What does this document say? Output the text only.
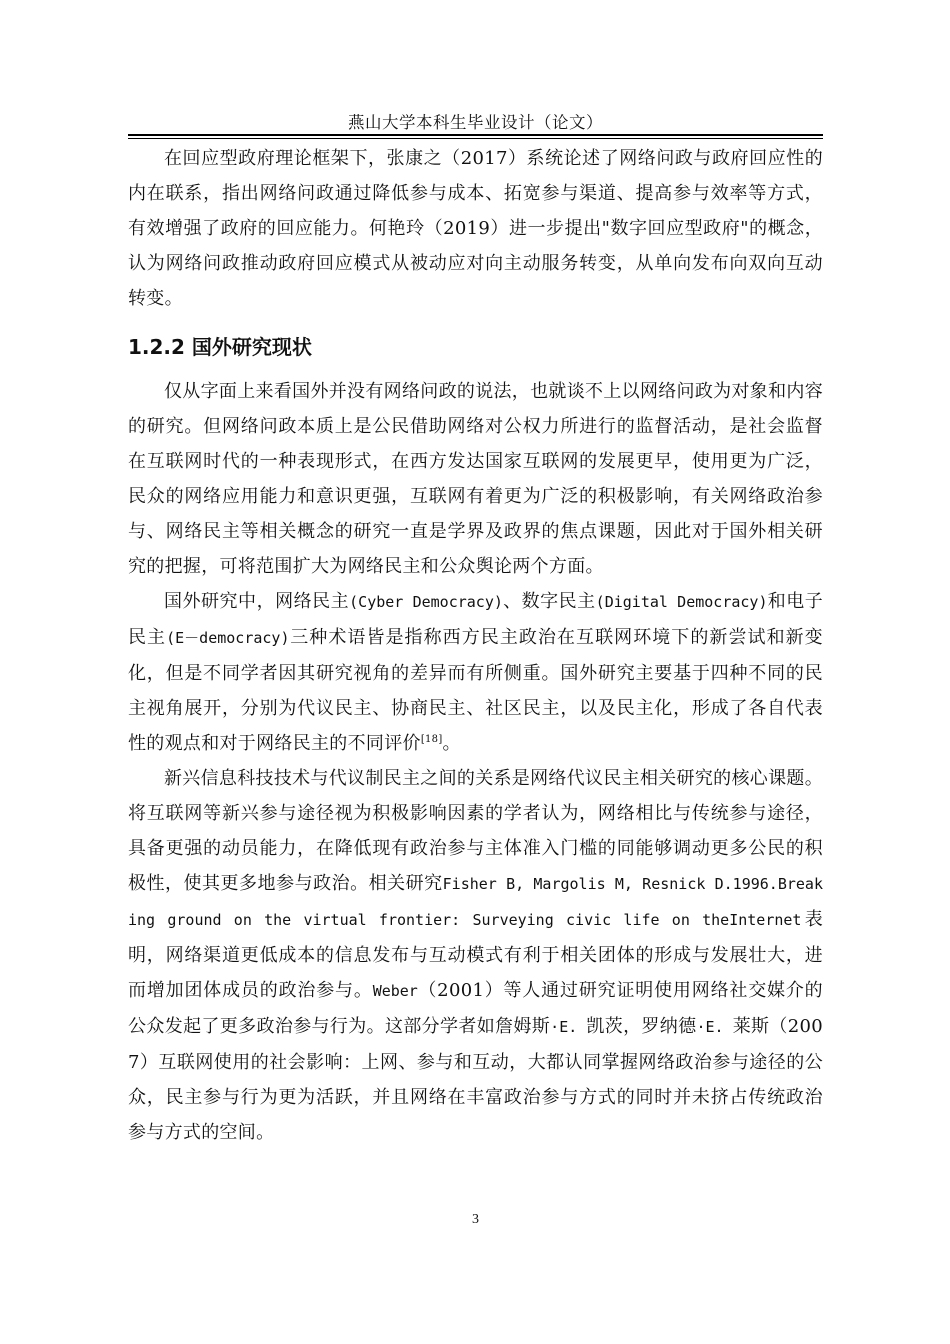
燕山大学本科生毕业设计（论文）

在回应型政府理论框架下，张康之（2017）系统论述了网络问政与政府回应性的内在联系，指出网络问政通过降低参与成本、拓宽参与渠道、提高参与效率等方式，有效增强了政府的回应能力。何艳玲（2019）进一步提出"数字回应型政府"的概念，认为网络问政推动政府回应模式从被动应对向主动服务转变，从单向发布向双向互动转变。

1.2.2 国外研究现状

仅从字面上来看国外并没有网络问政的说法，也就谈不上以网络问政为对象和内容的研究。但网络问政本质上是公民借助网络对公权力所进行的监督活动，是社会监督在互联网时代的一种表现形式，在西方发达国家互联网的发展更早，使用更为广泛，民众的网络应用能力和意识更强，互联网有着更为广泛的积极影响，有关网络政治参与、网络民主等相关概念的研究一直是学界及政界的焦点课题，因此对于国外相关研究的把握，可将范围扩大为网络民主和公众舆论两个方面。

国外研究中，网络民主(Cyber Democracy)、数字民主(Digital Democracy)和电子民主(E－democracy)三种术语皆是指称西方民主政治在互联网环境下的新尝试和新变化，但是不同学者因其研究视角的差异而有所侧重。国外研究主要基于四种不同的民主视角展开，分别为代议民主、协商民主、社区民主，以及民主化，形成了各自代表性的观点和对于网络民主的不同评价[18]。

新兴信息科技技术与代议制民主之间的关系是网络代议民主相关研究的核心课题。将互联网等新兴参与途径视为积极影响因素的学者认为，网络相比与传统参与途径，具备更强的动员能力，在降低现有政治参与主体准入门槛的同能够调动更多公民的积极性，使其更多地参与政治。相关研究Fisher B, Margolis M, Resnick D.1996.Breaking ground on the virtual frontier: Surveying civic life on theInternet表明，网络渠道更低成本的信息发布与互动模式有利于相关团体的形成与发展壮大，进而增加团体成员的政治参与。Weber（2001）等人通过研究证明使用网络社交媒介的公众发起了更多政治参与行为。这部分学者如詹姆斯·E. 凯茨，罗纳德·E. 莱斯（2007）互联网使用的社会影响：上网、参与和互动，大都认同掌握网络政治参与途径的公众，民主参与行为更为活跃，并且网络在丰富政治参与方式的同时并未挤占传统政治参与方式的空间。

3
